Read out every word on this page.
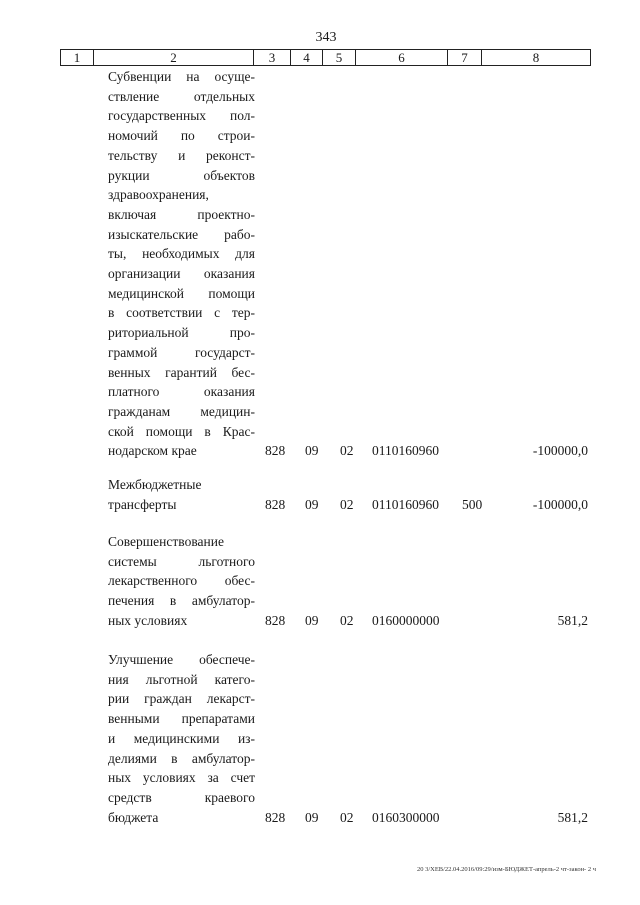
343
1	2	3	4	5	6	7	8
Субвенции на осуще-
ствление отдельных
государственных пол-
номочий по строи-
тельству и реконст-
рукции объектов
здравоохранения,
включая проектно-
изыскательские рабо-
ты, необходимых для
организации оказания
медицинской помощи
в соответствии с тер-
риториальной про-
граммой государст-
венных гарантий бес-
платного оказания
гражданам медицин-
ской помощи в Крас-
нодарском крае	828 09 02 0110160960	-100000,0
Межбюджетные
трансферты	828 09 02 0110160960 500	-100000,0
Совершенствование
системы льготного
лекарственного обес-
печения в амбулатор-
ных условиях	828 09 02 0160000000	581,2
Улучшение обеспече-
ния льготной катего-
рии граждан лекарст-
венными препаратами
и медицинскими из-
делиями в амбулатор-
ных условиях за счет
средств краевого
бюджета	828 09 02 0160300000	581,2
20 3/ХЕВ/22.04.2016/09:29/изм-БЮДЖЕТ-апрель-2 чт-закон- 2 ч
